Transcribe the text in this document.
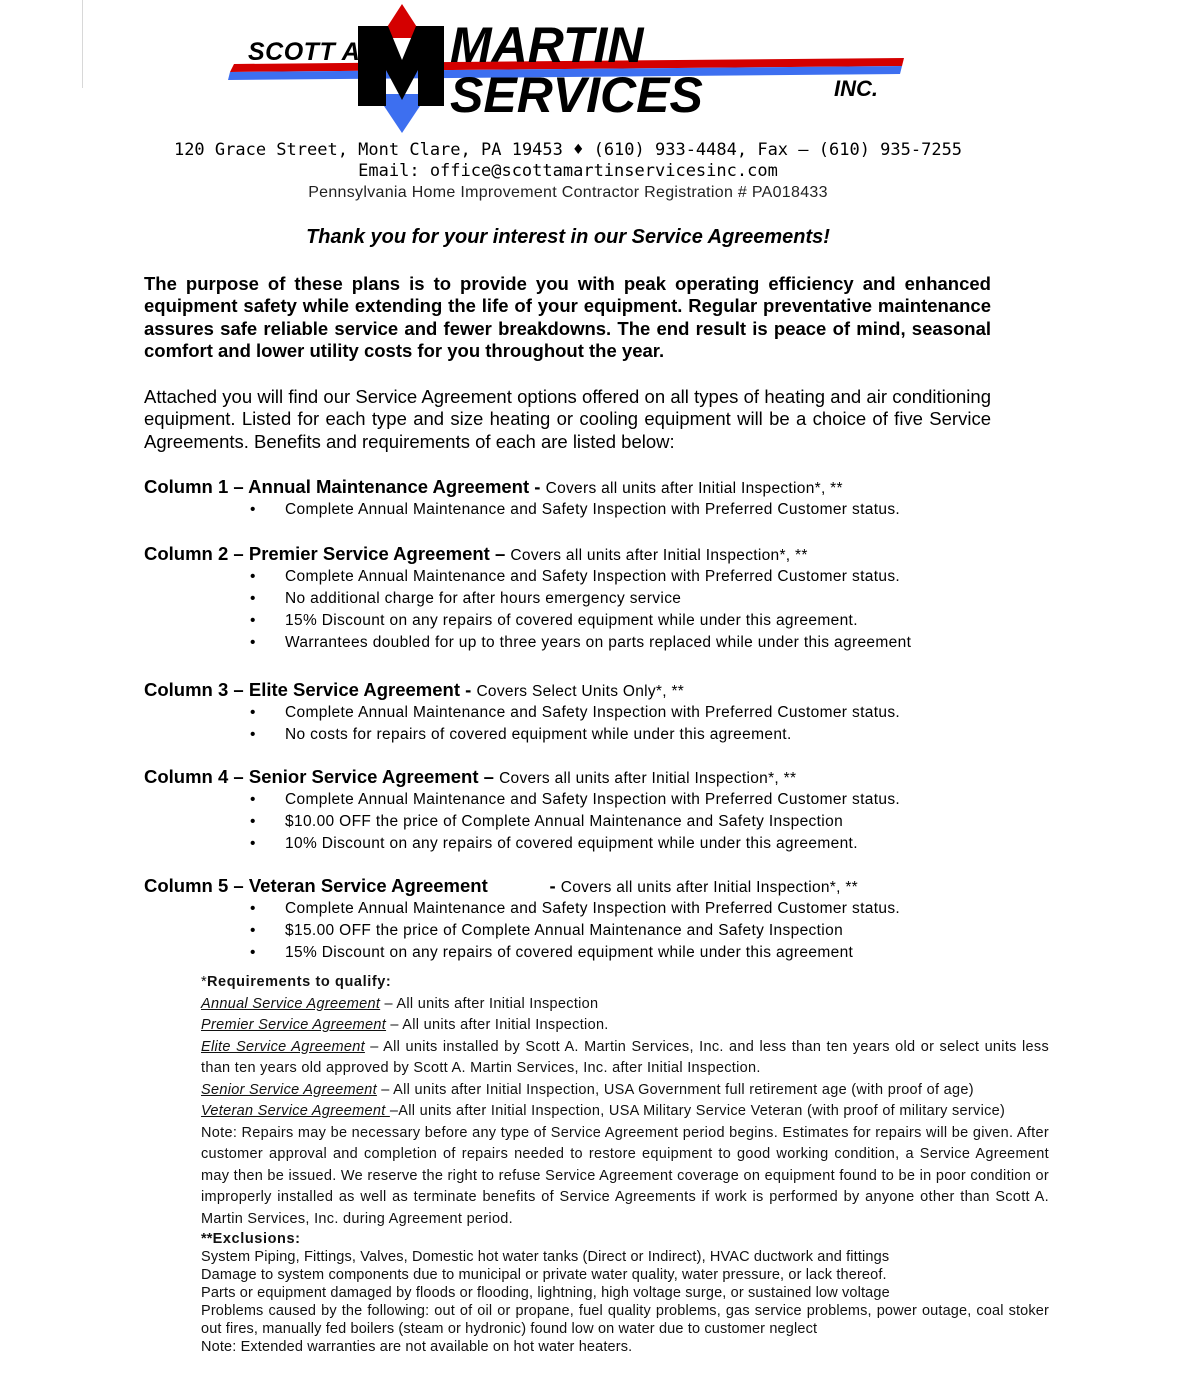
SCOTT A. MARTIN SERVICES	INC.
120 Grace Street, Mont Clare, PA 19453 ♦ (610) 933-4484, Fax – (610) 935-7255
Email: office@scottamartinservicesinc.com
Pennsylvania Home Improvement Contractor Registration # PA018433
Thank you for your interest in our Service Agreements!
The purpose of these plans is to provide you with peak operating efficiency and enhanced equipment safety while extending the life of your equipment. Regular preventative maintenance assures safe reliable service and fewer breakdowns. The end result is peace of mind, seasonal comfort and lower utility costs for you throughout the year.
Attached you will find our Service Agreement options offered on all types of heating and air conditioning equipment. Listed for each type and size heating or cooling equipment will be a choice of five Service Agreements. Benefits and requirements of each are listed below:
Column 1 – Annual Maintenance Agreement - Covers all units after Initial Inspection*, **
• Complete Annual Maintenance and Safety Inspection with Preferred Customer status.
Column 2 – Premier Service Agreement – Covers all units after Initial Inspection*, **
• Complete Annual Maintenance and Safety Inspection with Preferred Customer status.
• No additional charge for after hours emergency service
• 15% Discount on any repairs of covered equipment while under this agreement.
• Warrantees doubled for up to three years on parts replaced while under this agreement
Column 3 – Elite Service Agreement - Covers Select Units Only*, **
• Complete Annual Maintenance and Safety Inspection with Preferred Customer status.
• No costs for repairs of covered equipment while under this agreement.
Column 4 – Senior Service Agreement – Covers all units after Initial Inspection*, **
• Complete Annual Maintenance and Safety Inspection with Preferred Customer status.
• $10.00 OFF the price of Complete Annual Maintenance and Safety Inspection
• 10% Discount on any repairs of covered equipment while under this agreement.
Column 5 – Veteran Service Agreement            - Covers all units after Initial Inspection*, **
• Complete Annual Maintenance and Safety Inspection with Preferred Customer status.
• $15.00 OFF the price of Complete Annual Maintenance and Safety Inspection
• 15% Discount on any repairs of covered equipment while under this agreement
*Requirements to qualify:
Annual Service Agreement – All units after Initial Inspection
Premier Service Agreement – All units after Initial Inspection.
Elite Service Agreement – All units installed by Scott A. Martin Services, Inc. and less than ten years old or select units less than ten years old approved by Scott A. Martin Services, Inc. after Initial Inspection.
Senior Service Agreement – All units after Initial Inspection, USA Government full retirement age (with proof of age)
Veteran Service Agreement –All units after Initial Inspection, USA Military Service Veteran (with proof of military service)
Note: Repairs may be necessary before any type of Service Agreement period begins. Estimates for repairs will be given. After customer approval and completion of repairs needed to restore equipment to good working condition, a Service Agreement may then be issued. We reserve the right to refuse Service Agreement coverage on equipment found to be in poor condition or improperly installed as well as terminate benefits of Service Agreements if work is performed by anyone other than Scott A. Martin Services, Inc. during Agreement period.
**Exclusions:
System Piping, Fittings, Valves, Domestic hot water tanks (Direct or Indirect), HVAC ductwork and fittings
Damage to system components due to municipal or private water quality, water pressure, or lack thereof.
Parts or equipment damaged by floods or flooding, lightning, high voltage surge, or sustained low voltage
Problems caused by the following: out of oil or propane, fuel quality problems, gas service problems, power outage, coal stoker out fires, manually fed boilers (steam or hydronic) found low on water due to customer neglect
Note: Extended warranties are not available on hot water heaters.
